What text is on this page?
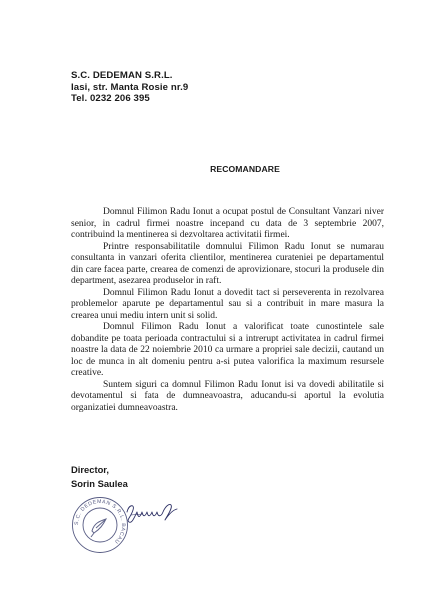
S.C. DEDEMAN S.R.L.
Iasi, str. Manta Rosie nr.9
Tel. 0232 206 395
RECOMANDARE

Domnul Filimon Radu Ionut a ocupat postul de Consultant Vanzari niver senior, in cadrul firmei noastre incepand cu data de 3 septembrie 2007, contribuind la mentinerea si dezvoltarea activitatii firmei.

Printre responsabilitatile domnului Filimon Radu Ionut se numarau consultanta in vanzari oferita clientilor, mentinerea curateniei pe departamentul din care facea parte, crearea de comenzi de aprovizionare, stocuri la produsele din department, asezarea produselor in raft.

Domnul Filimon Radu Ionut a dovedit tact si perseverenta in rezolvarea problemelor aparute pe departamentul sau si a contribuit in mare masura la crearea unui mediu intern unit si solid.

Domnul Filimon Radu Ionut a valorificat toate cunostintele sale dobandite pe toata perioada contractului si a intrerupt activitatea in cadrul firmei noastre la data de 22 noiembrie 2010 ca urmare a propriei sale decizii, cautand un loc de munca in alt domeniu pentru a-si putea valorifica la maximum resursele creative.

Suntem siguri ca domnul Filimon Radu Ionut isi va dovedi abilitatile si devotamentul si fata de dumneavoastra, aducandu-si aportul la evolutia organizatiei dumneavoastra.

Director,
Sorin Saulea
S.C. DEDEMAN S.R.L. BACAU
